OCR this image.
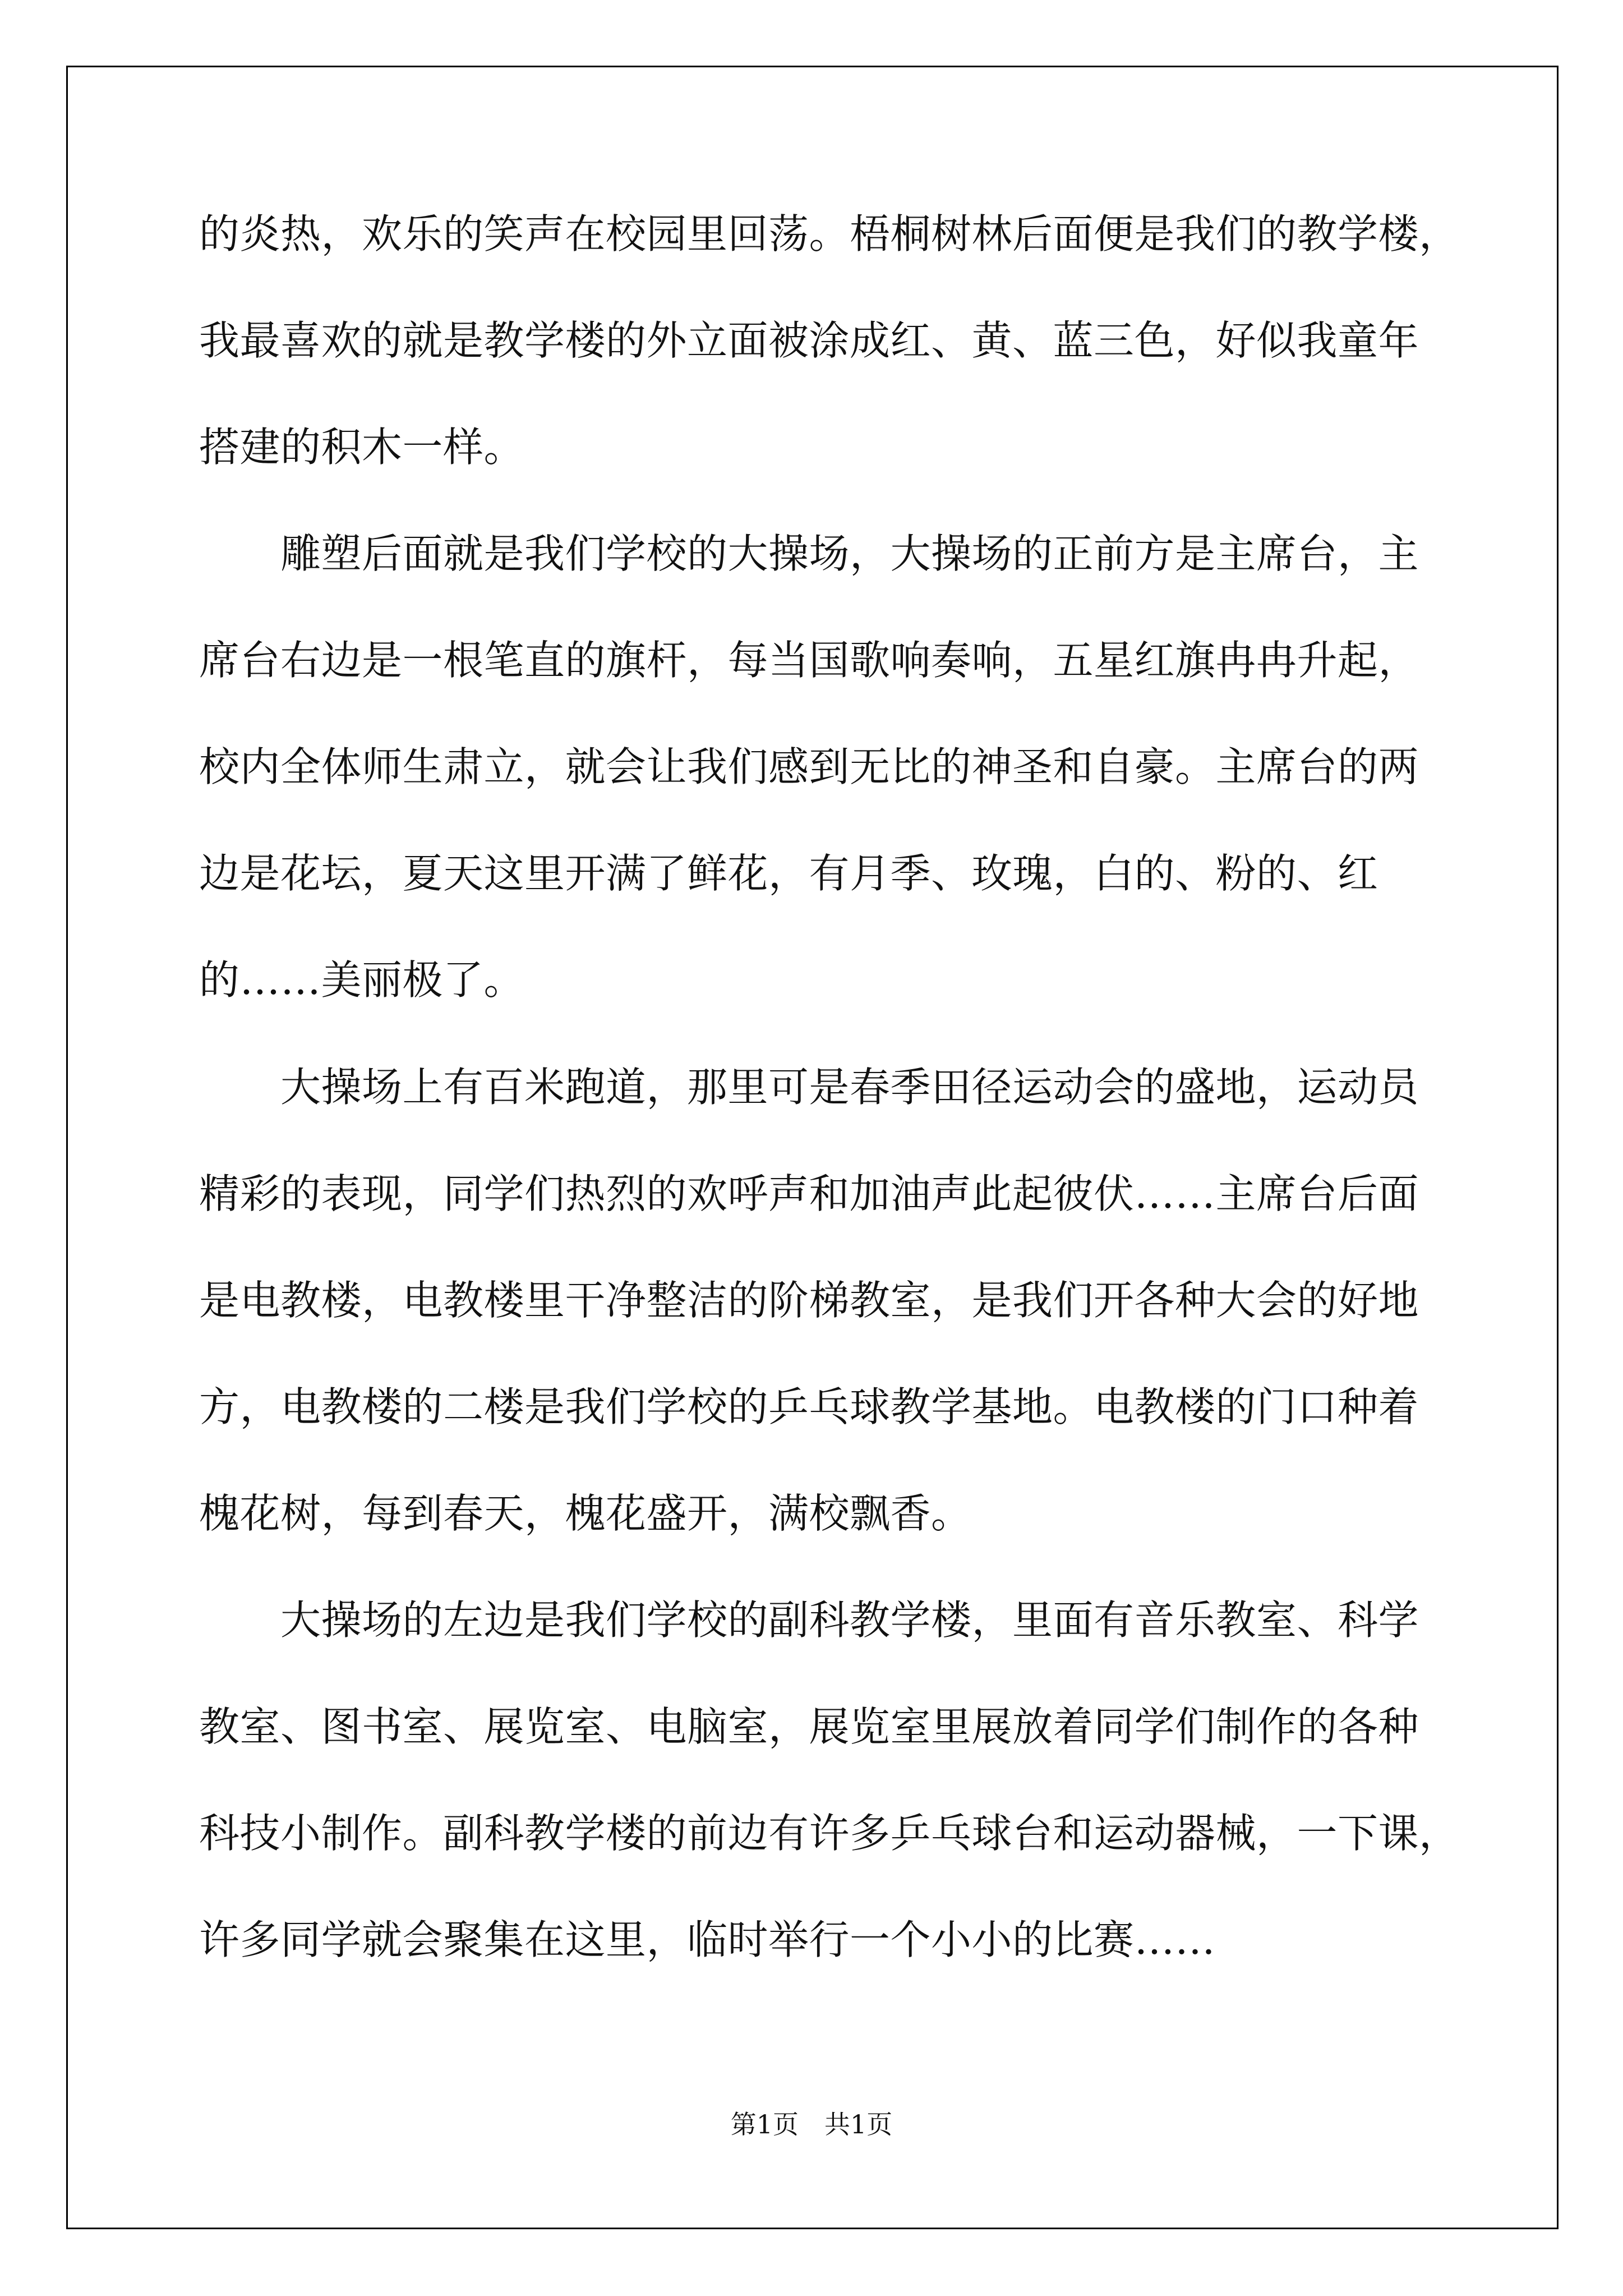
的炎热，欢乐的笑声在校园里回荡。梧桐树林后面便是我们的教学楼，

我最喜欢的就是教学楼的外立面被涂成红、黄、蓝三色，好似我童年

搭建的积木一样。

　　雕塑后面就是我们学校的大操场，大操场的正前方是主席台，主

席台右边是一根笔直的旗杆，每当国歌响奏响，五星红旗冉冉升起，

校内全体师生肃立，就会让我们感到无比的神圣和自豪。主席台的两

边是花坛，夏天这里开满了鲜花，有月季、玫瑰，白的、粉的、红

的……美丽极了。

　　大操场上有百米跑道，那里可是春季田径运动会的盛地，运动员

精彩的表现，同学们热烈的欢呼声和加油声此起彼伏……主席台后面

是电教楼，电教楼里干净整洁的阶梯教室，是我们开各种大会的好地

方，电教楼的二楼是我们学校的乒乓球教学基地。电教楼的门口种着

槐花树，每到春天，槐花盛开，满校飘香。

　　大操场的左边是我们学校的副科教学楼，里面有音乐教室、科学

教室、图书室、展览室、电脑室，展览室里展放着同学们制作的各种

科技小制作。副科教学楼的前边有许多乒乓球台和运动器械，一下课，

许多同学就会聚集在这里，临时举行一个小小的比赛……

第1页　共1页
